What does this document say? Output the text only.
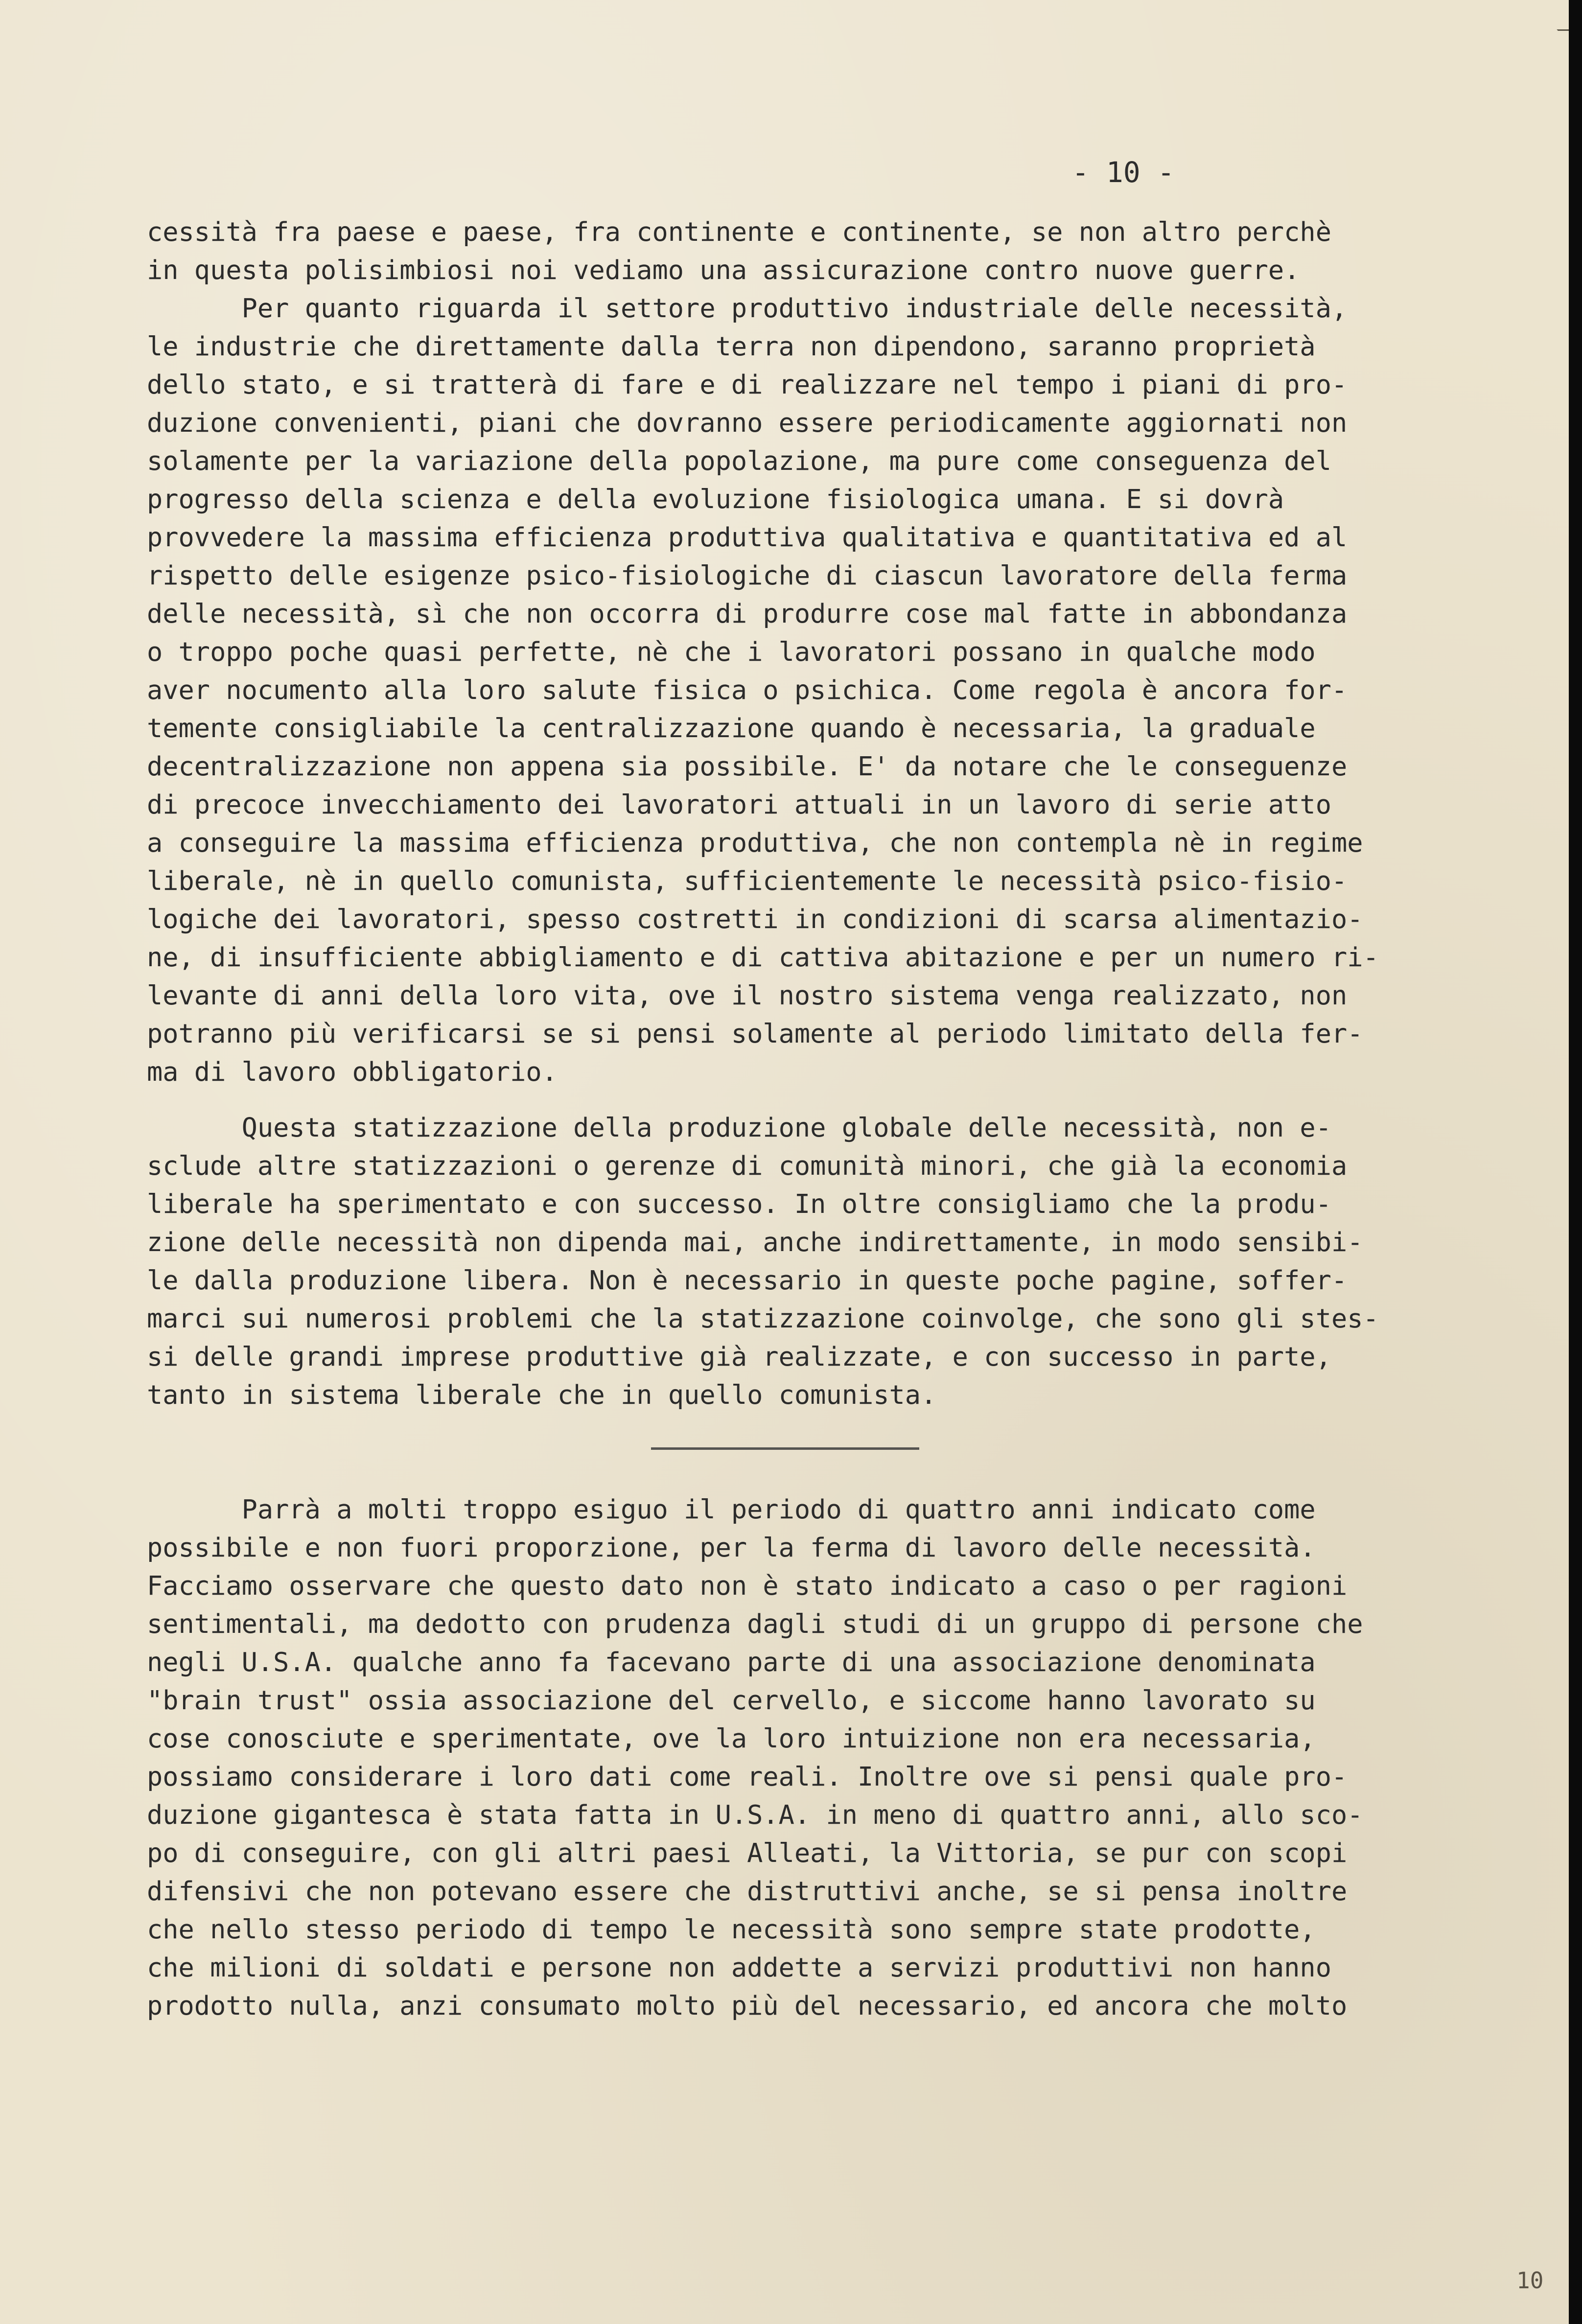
- 10 -
cessità fra paese e paese, fra continente e continente, se non altro perchè
in questa polisimbiosi noi vediamo una assicurazione contro nuove guerre.
Per quanto riguarda il settore produttivo industriale delle necessità,
le industrie che direttamente dalla terra non dipendono, saranno proprietà
dello stato, e si tratterà di fare e di realizzare nel tempo i piani di pro-
duzione convenienti, piani che dovranno essere periodicamente aggiornati non
solamente per la variazione della popolazione, ma pure come conseguenza del
progresso della scienza e della evoluzione fisiologica umana. E si dovrà
provvedere la massima efficienza produttiva qualitativa e quantitativa ed al
rispetto delle esigenze psico-fisiologiche di ciascun lavoratore della ferma
delle necessità, sì che non occorra di produrre cose mal fatte in abbondanza
o troppo poche quasi perfette, nè che i lavoratori possano in qualche modo
aver nocumento alla loro salute fisica o psichica. Come regola è ancora for-
temente consigliabile la centralizzazione quando è necessaria, la graduale
decentralizzazione non appena sia possibile. E' da notare che le conseguenze
di precoce invecchiamento dei lavoratori attuali in un lavoro di serie atto
a conseguire la massima efficienza produttiva, che non contempla nè in regime
liberale, nè in quello comunista, sufficientemente le necessità psico-fisio-
logiche dei lavoratori, spesso costretti in condizioni di scarsa alimentazio-
ne, di insufficiente abbigliamento e di cattiva abitazione e per un numero ri-
levante di anni della loro vita, ove il nostro sistema venga realizzato, non
potranno più verificarsi se si pensi solamente al periodo limitato della fer-
ma di lavoro obbligatorio.
Questa statizzazione della produzione globale delle necessità, non e-
sclude altre statizzazioni o gerenze di comunità minori, che già la economia
liberale ha sperimentato e con successo. In oltre consigliamo che la produ-
zione delle necessità non dipenda mai, anche indirettamente, in modo sensibi-
le dalla produzione libera. Non è necessario in queste poche pagine, soffer-
marci sui numerosi problemi che la statizzazione coinvolge, che sono gli stes-
si delle grandi imprese produttive già realizzate, e con successo in parte,
tanto in sistema liberale che in quello comunista.
Parrà a molti troppo esiguo il periodo di quattro anni indicato come
possibile e non fuori proporzione, per la ferma di lavoro delle necessità.
Facciamo osservare che questo dato non è stato indicato a caso o per ragioni
sentimentali, ma dedotto con prudenza dagli studi di un gruppo di persone che
negli U.S.A. qualche anno fa facevano parte di una associazione denominata
"brain trust" ossia associazione del cervello, e siccome hanno lavorato su
cose conosciute e sperimentate, ove la loro intuizione non era necessaria,
possiamo considerare i loro dati come reali. Inoltre ove si pensi quale pro-
duzione gigantesca è stata fatta in U.S.A. in meno di quattro anni, allo sco-
po di conseguire, con gli altri paesi Alleati, la Vittoria, se pur con scopi
difensivi che non potevano essere che distruttivi anche, se si pensa inoltre
che nello stesso periodo di tempo le necessità sono sempre state prodotte,
che milioni di soldati e persone non addette a servizi produttivi non hanno
prodotto nulla, anzi consumato molto più del necessario, ed ancora che molto
10
